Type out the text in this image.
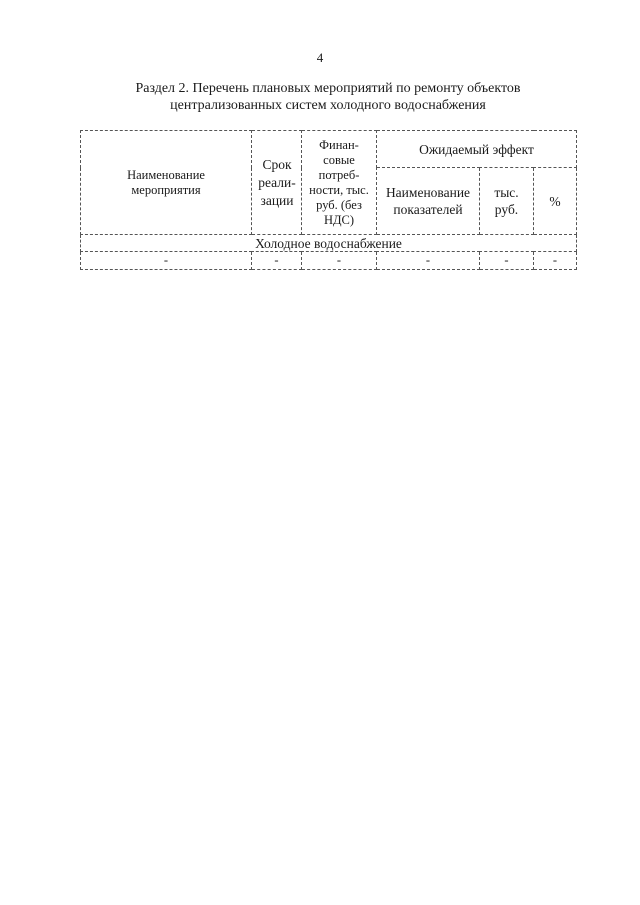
4
Раздел 2. Перечень плановых мероприятий по ремонту объектов
централизованных систем холодного водоснабжения
Наименование мероприятия	Срок реали-зации	Финан-совые потреб-ности, тыс. руб. (без НДС)	Ожидаемый эффект		
			Наименование показателей	тыс. руб.	%
Холодное водоснабжение					
-	-	-	-	-	-
